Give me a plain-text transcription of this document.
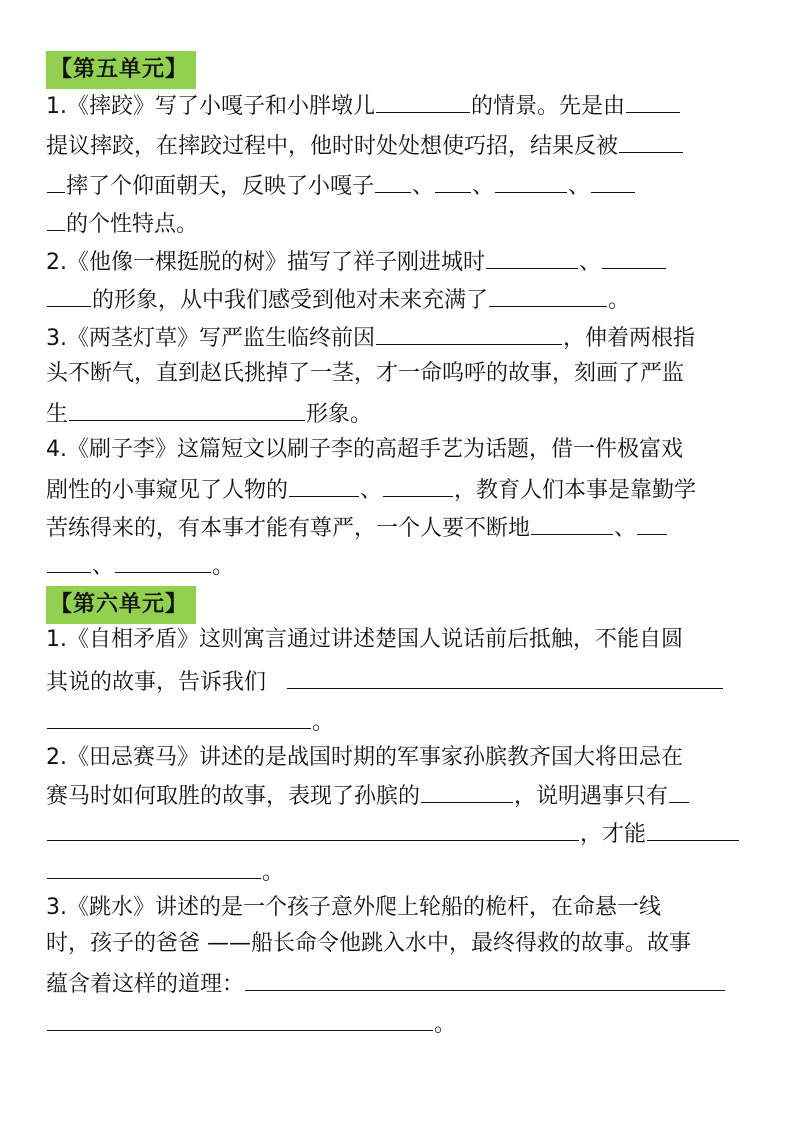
【第五单元】
1.《摔跤》写了小嘎子和小胖墩儿	的情景。先是由
提议摔跤，在摔跤过程中，他时时处处想使巧招，结果反被
摔了个仰面朝天，反映了小嘎子 、 、	、
的个性特点。
2.《他像一棵挺脱的树》描写了祥子刚进城时	、
的形象，从中我们感受到他对未来充满了	。
3.《两茎灯草》写严监生临终前因	，伸着两根指
头不断气，直到赵氏挑掉了一茎，才一命呜呼的故事，刻画了严监
生	形象。
4.《刷子李》这篇短文以刷子李的高超手艺为话题，借一件极富戏
剧性的小事窥见了人物的	、	，教育人们本事是靠勤学
苦练得来的，有本事才能有尊严，一个人要不断地	、
、	。
【第六单元】
1.《自相矛盾》这则寓言通过讲述楚国人说话前后抵触，不能自圆
其说的故事，告诉我们
。
2.《田忌赛马》讲述的是战国时期的军事家孙膑教齐国大将田忌在
赛马时如何取胜的故事，表现了孙膑的	，说明遇事只有
，才能
。
3.《跳水》讲述的是一个孩子意外爬上轮船的桅杆，在命悬一线
时，孩子的爸爸 ——船长命令他跳入水中，最终得救的故事。故事
蕴含着这样的道理：
。
